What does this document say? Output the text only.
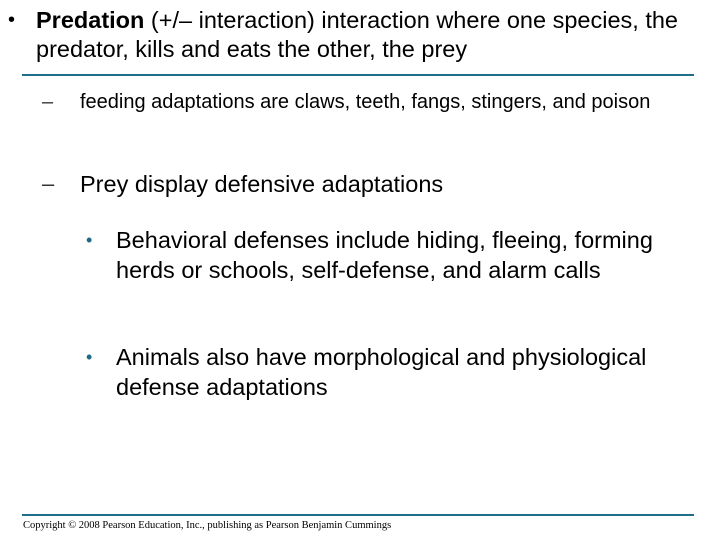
• Predation (+/– interaction) interaction where one species, the predator, kills and eats the other, the prey
– feeding adaptations are claws, teeth, fangs, stingers, and poison
– Prey display defensive adaptations
• Behavioral defenses include hiding, fleeing, forming herds or schools, self-defense, and alarm calls
• Animals also have morphological and physiological defense adaptations
Copyright © 2008 Pearson Education, Inc., publishing as Pearson Benjamin Cummings
